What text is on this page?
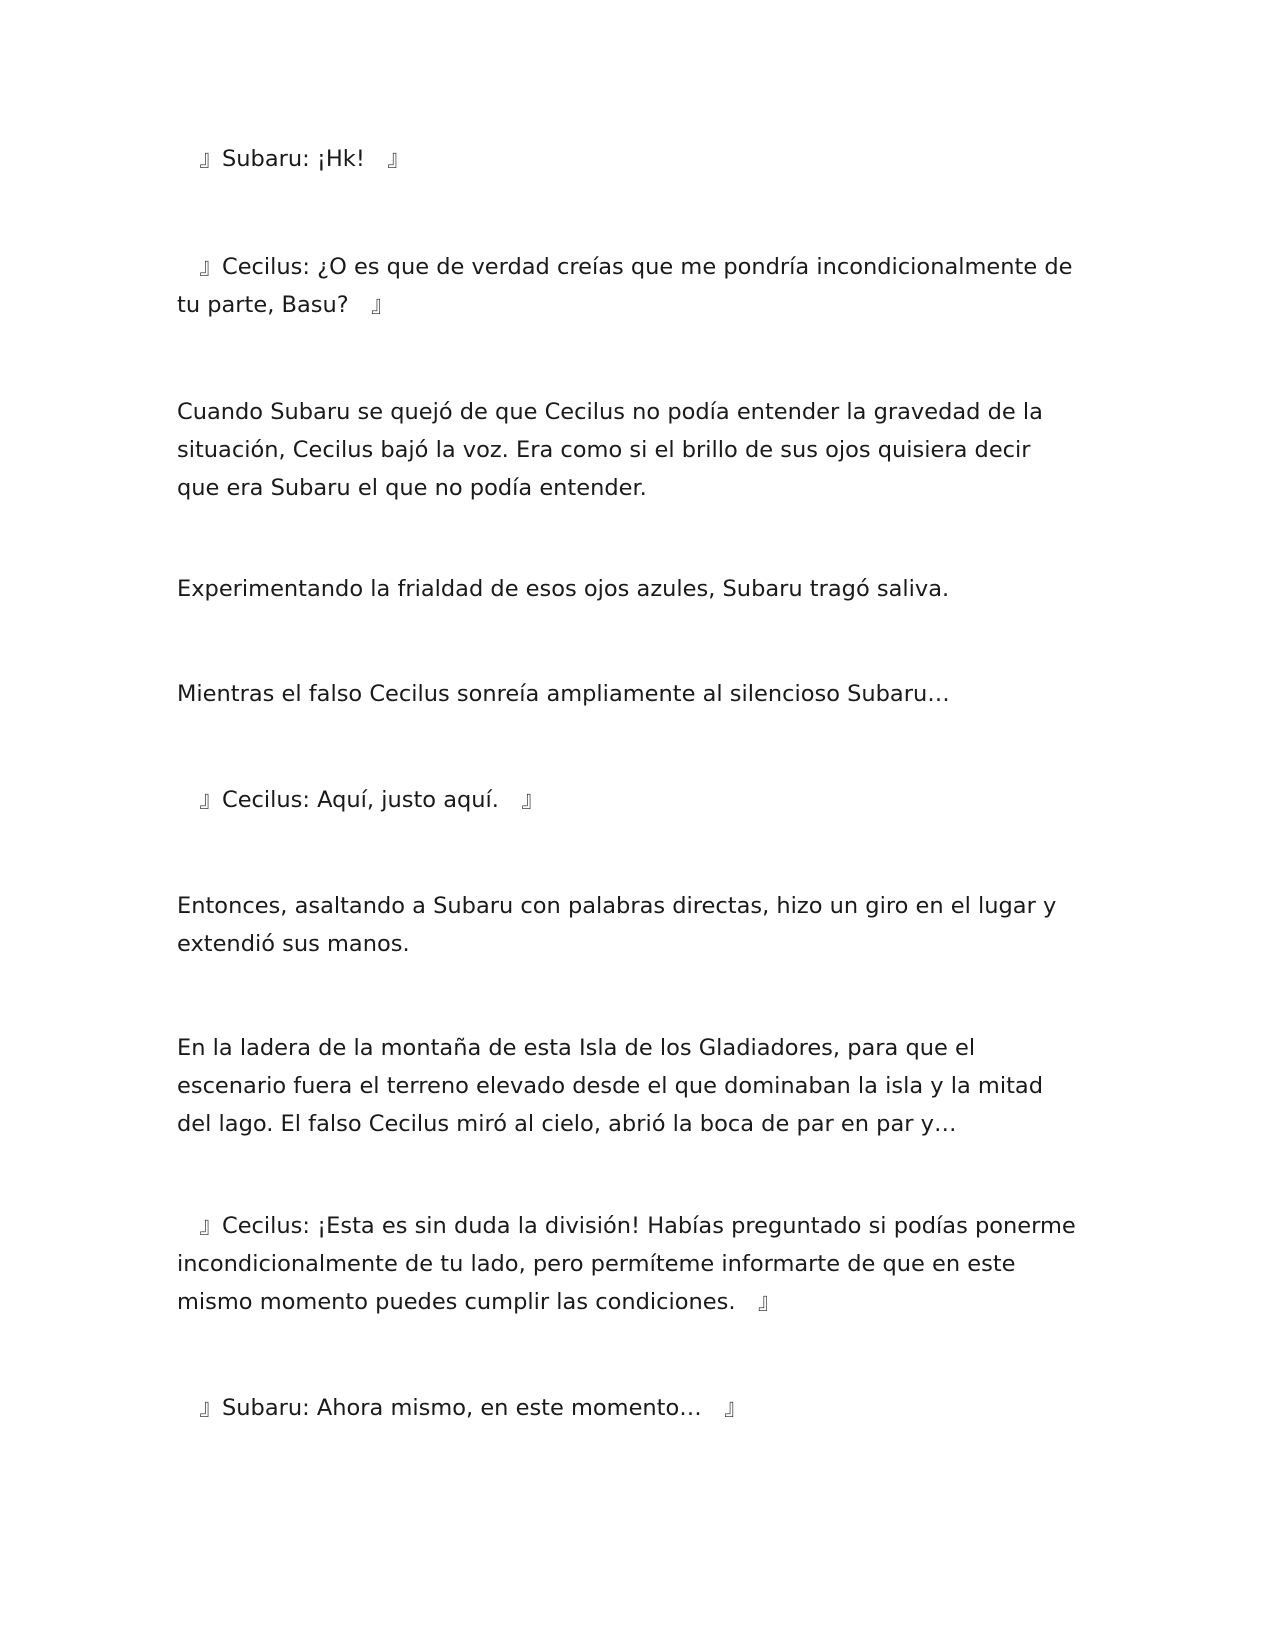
　』Subaru: ¡Hk!　』

　』Cecilus: ¿O es que de verdad creías que me pondría incondicionalmente de
tu parte, Basu?　』

Cuando Subaru se quejó de que Cecilus no podía entender la gravedad de la
situación, Cecilus bajó la voz. Era como si el brillo de sus ojos quisiera decir
que era Subaru el que no podía entender.

Experimentando la frialdad de esos ojos azules, Subaru tragó saliva.

Mientras el falso Cecilus sonreía ampliamente al silencioso Subaru…

　』Cecilus: Aquí, justo aquí.　』

Entonces, asaltando a Subaru con palabras directas, hizo un giro en el lugar y
extendió sus manos.

En la ladera de la montaña de esta Isla de los Gladiadores, para que el
escenario fuera el terreno elevado desde el que dominaban la isla y la mitad
del lago. El falso Cecilus miró al cielo, abrió la boca de par en par y…

　』Cecilus: ¡Esta es sin duda la división! Habías preguntado si podías ponerme
incondicionalmente de tu lado, pero permíteme informarte de que en este
mismo momento puedes cumplir las condiciones.　』

　』Subaru: Ahora mismo, en este momento…　』
